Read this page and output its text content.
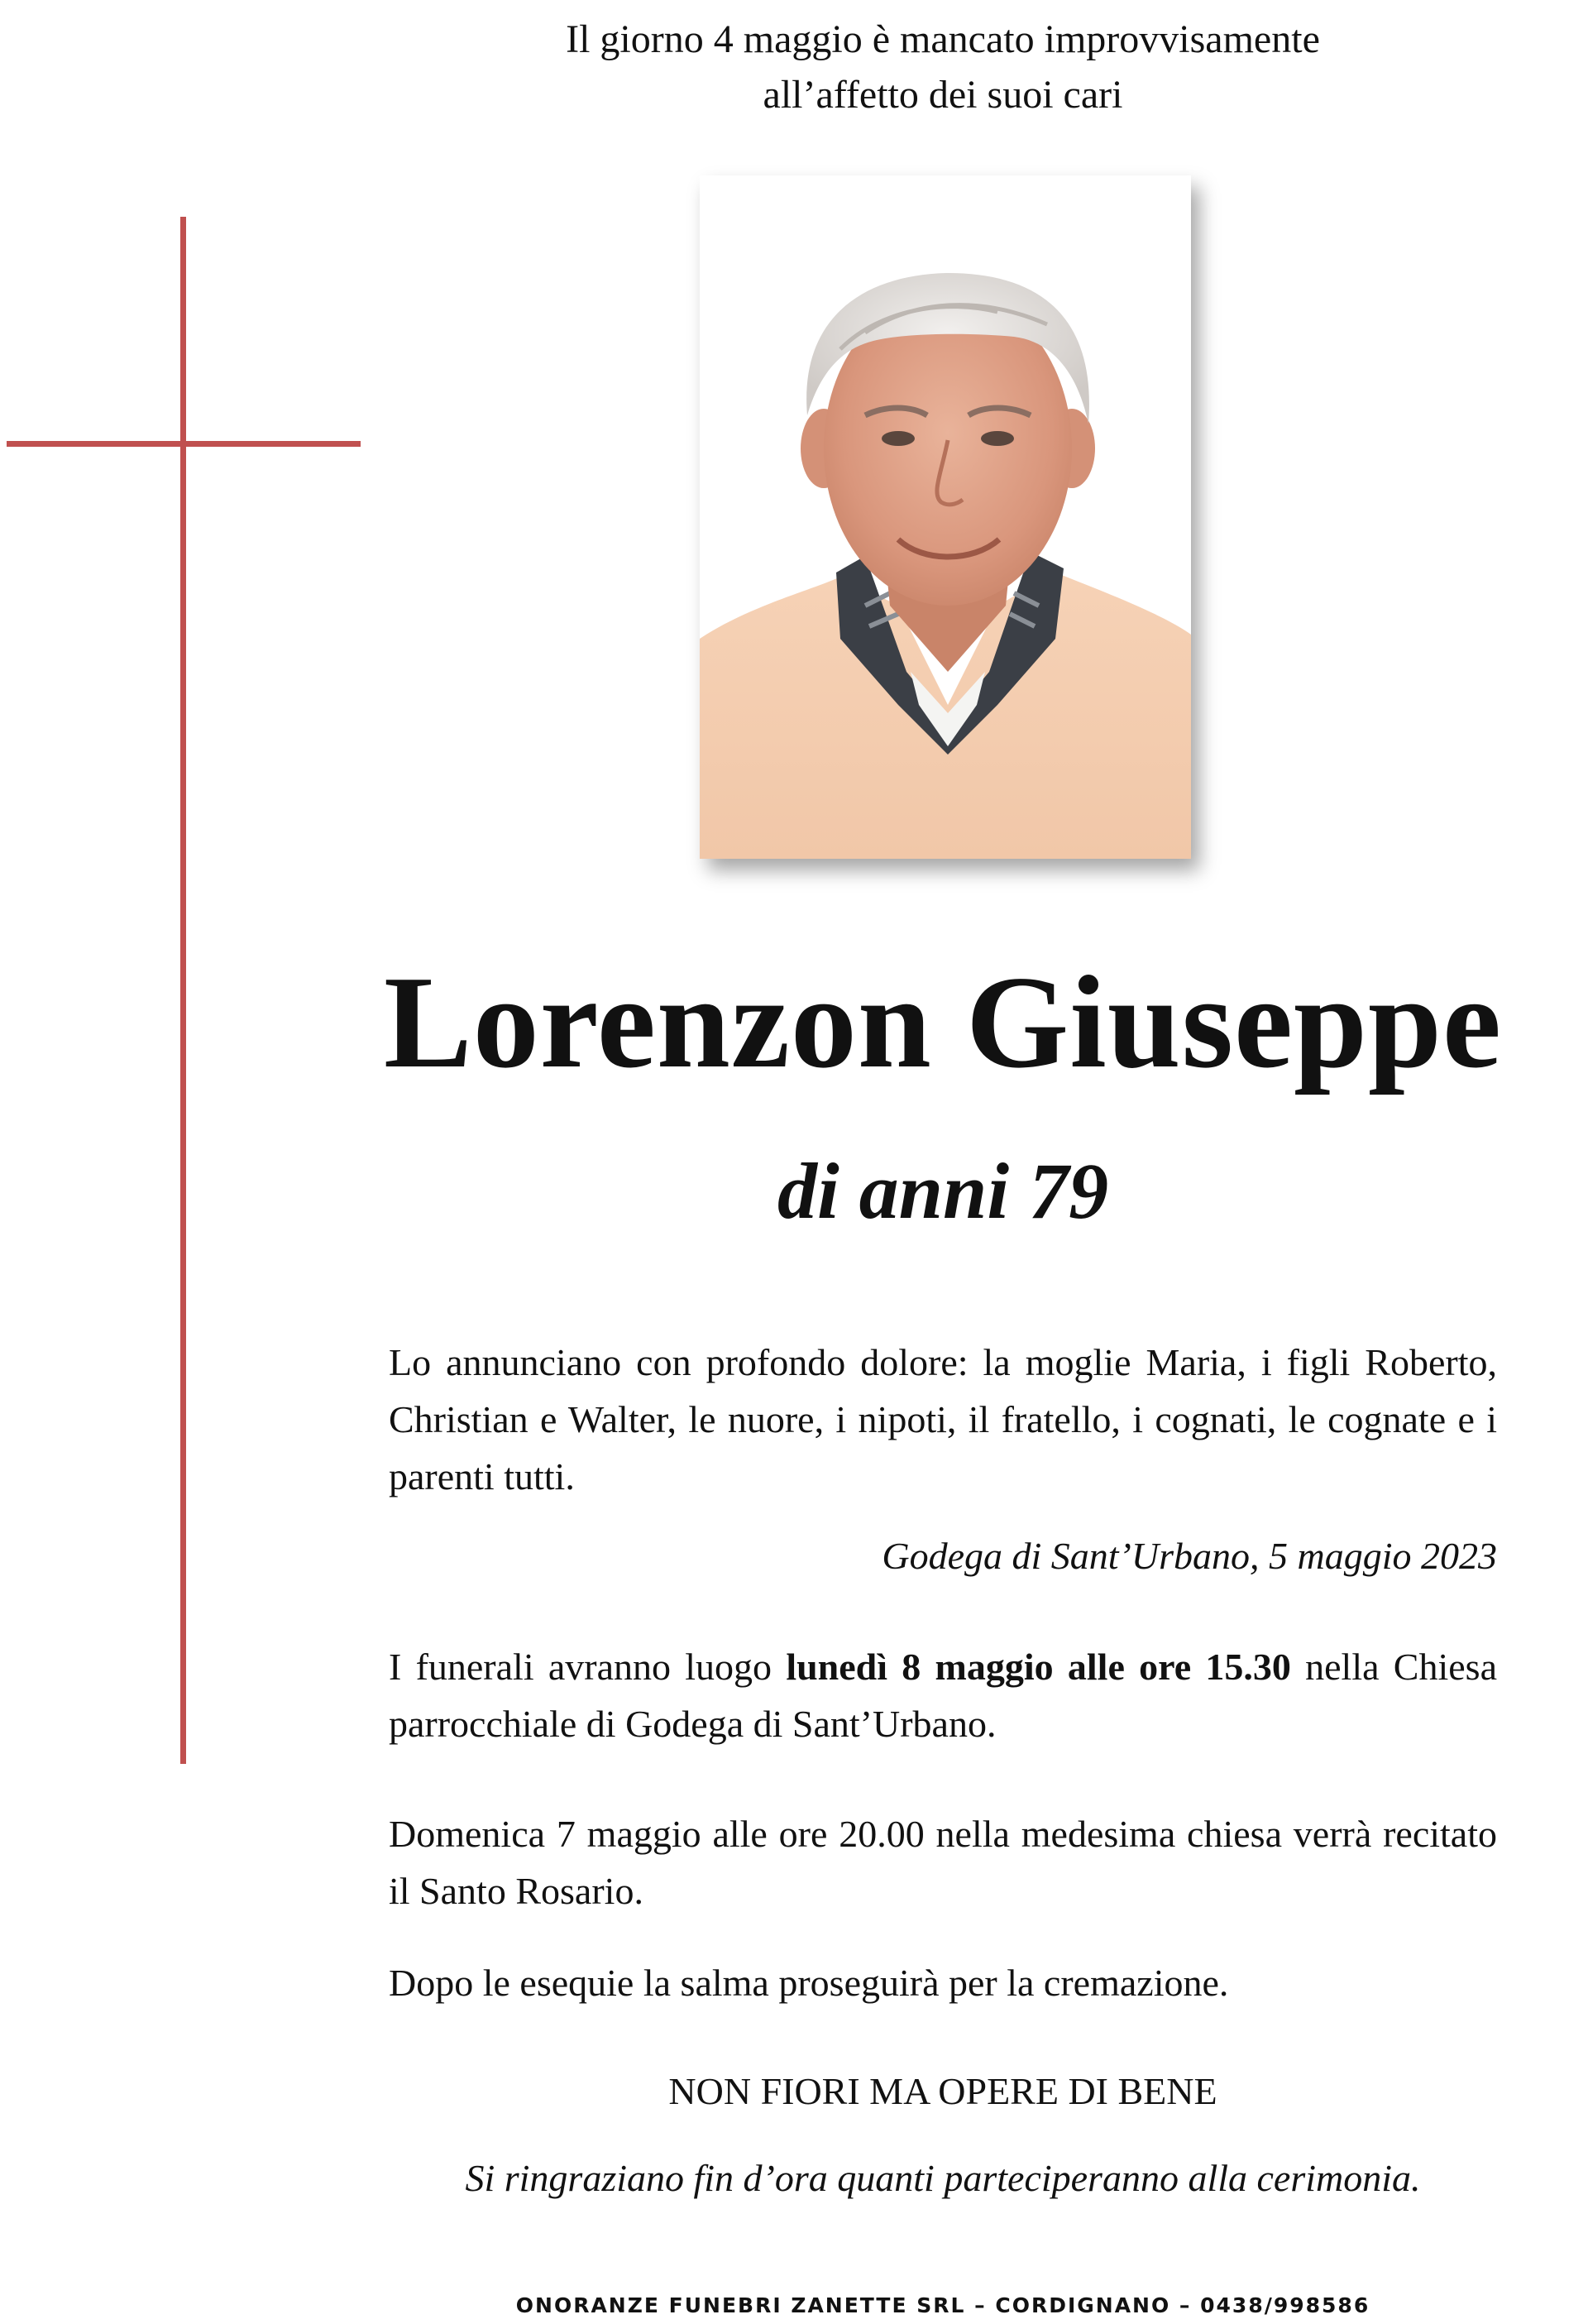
Il giorno 4 maggio è mancato improvvisamente
all’affetto dei suoi cari
Lorenzon Giuseppe
di anni 79
Lo annunciano con profondo dolore: la moglie Maria, i figli Roberto, Christian e Walter, le nuore, i nipoti, il fratello, i cognati, le cognate e i parenti tutti.
Godega di Sant’Urbano, 5 maggio 2023
I funerali avranno luogo lunedì 8 maggio alle ore 15.30 nella Chiesa parrocchiale di Godega di Sant’Urbano.
Domenica 7 maggio alle ore 20.00 nella medesima chiesa verrà recitato il Santo Rosario.
Dopo le esequie la salma proseguirà per la cremazione.
NON FIORI MA OPERE DI BENE
Si ringraziano fin d’ora quanti parteciperanno alla cerimonia.
ONORANZE FUNEBRI ZANETTE SRL – CORDIGNANO – 0438/998586
